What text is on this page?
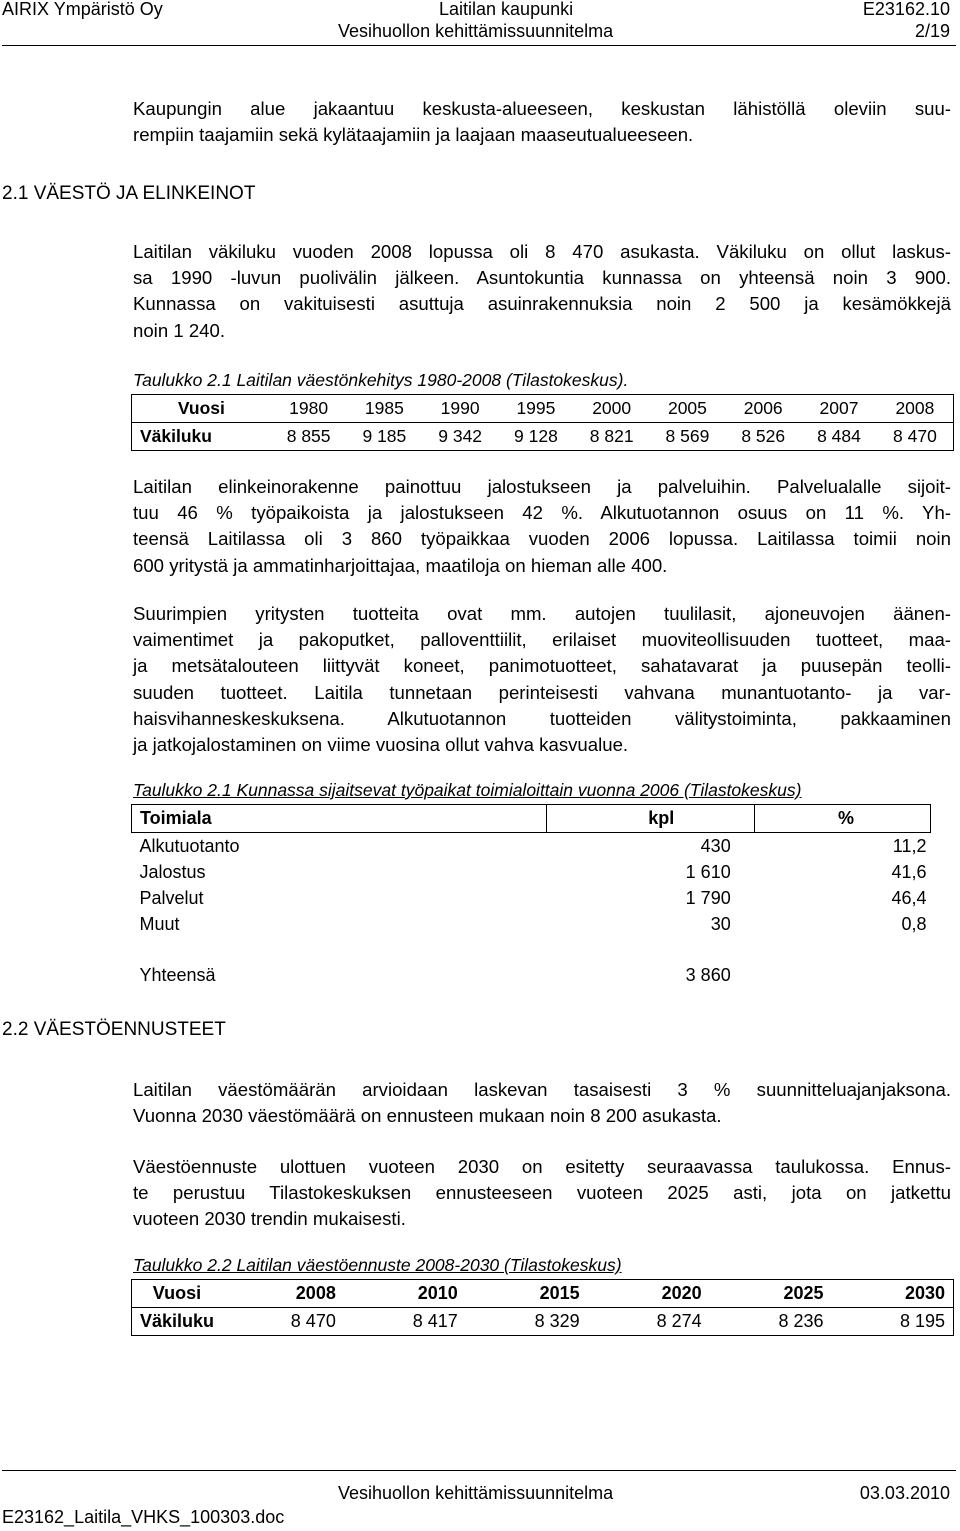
AIRIX Ympäristö Oy	Laitilan kaupunki	E23162.10
Vesihuollon kehittämissuunnitelma	2/19
Kaupungin alue jakaantuu keskusta-alueeseen, keskustan lähistöllä oleviin suu-
rempiin taajamiin sekä kylätaajamiin ja laajaan maaseutualueeseen.
2.1 VÄESTÖ JA ELINKEINOT
Laitilan väkiluku vuoden 2008 lopussa oli 8 470 asukasta. Väkiluku on ollut laskus-
sa 1990 -luvun puolivälin jälkeen. Asuntokuntia kunnassa on yhteensä noin 3 900.
Kunnassa on vakituisesti asuttuja asuinrakennuksia noin 2 500 ja kesämökkejä
noin 1 240.
Taulukko 2.1 Laitilan väestönkehitys 1980-2008 (Tilastokeskus).
Vuosi	1980	1985	1990	1995	2000	2005	2006	2007	2008
Väkiluku	8 855	9 185	9 342	9 128	8 821	8 569	8 526	8 484	8 470
Laitilan elinkeinorakenne painottuu jalostukseen ja palveluihin. Palvelualalle sijoit-
tuu 46 % työpaikoista ja jalostukseen 42 %. Alkutuotannon osuus on 11 %. Yh-
teensä Laitilassa oli 3 860 työpaikkaa vuoden 2006 lopussa. Laitilassa toimii noin
600 yritystä ja ammatinharjoittajaa, maatiloja on hieman alle 400.
Suurimpien yritysten tuotteita ovat mm. autojen tuulilasit, ajoneuvojen äänen-
vaimentimet ja pakoputket, palloventtiilit, erilaiset muoviteollisuuden tuotteet, maa-
ja metsätalouteen liittyvät koneet, panimotuotteet, sahatavarat ja puusepän teolli-
suuden tuotteet. Laitila tunnetaan perinteisesti vahvana munantuotanto- ja var-
haisvihanneskeskuksena. Alkutuotannon tuotteiden välitystoiminta, pakkaaminen
ja jatkojalostaminen on viime vuosina ollut vahva kasvualue.
Taulukko 2.1 Kunnassa sijaitsevat työpaikat toimialoittain vuonna 2006 (Tilastokeskus)
Toimiala	kpl	%
Alkutuotanto	430	11,2
Jalostus	1 610	41,6
Palvelut	1 790	46,4
Muut	30	0,8

Yhteensä	3 860	
2.2 VÄESTÖENNUSTEET
Laitilan väestömäärän arvioidaan laskevan tasaisesti 3 % suunnitteluajanjaksona.
Vuonna 2030 väestömäärä on ennusteen mukaan noin 8 200 asukasta.
Väestöennuste ulottuen vuoteen 2030 on esitetty seuraavassa taulukossa. Ennus-
te perustuu Tilastokeskuksen ennusteeseen vuoteen 2025 asti, jota on jatkettu
vuoteen 2030 trendin mukaisesti.
Taulukko 2.2 Laitilan väestöennuste 2008-2030 (Tilastokeskus)
Vuosi	2008	2010	2015	2020	2025	2030
Väkiluku	8 470	8 417	8 329	8 274	8 236	8 195
Vesihuollon kehittämissuunnitelma	03.03.2010
E23162_Laitila_VHKS_100303.doc
